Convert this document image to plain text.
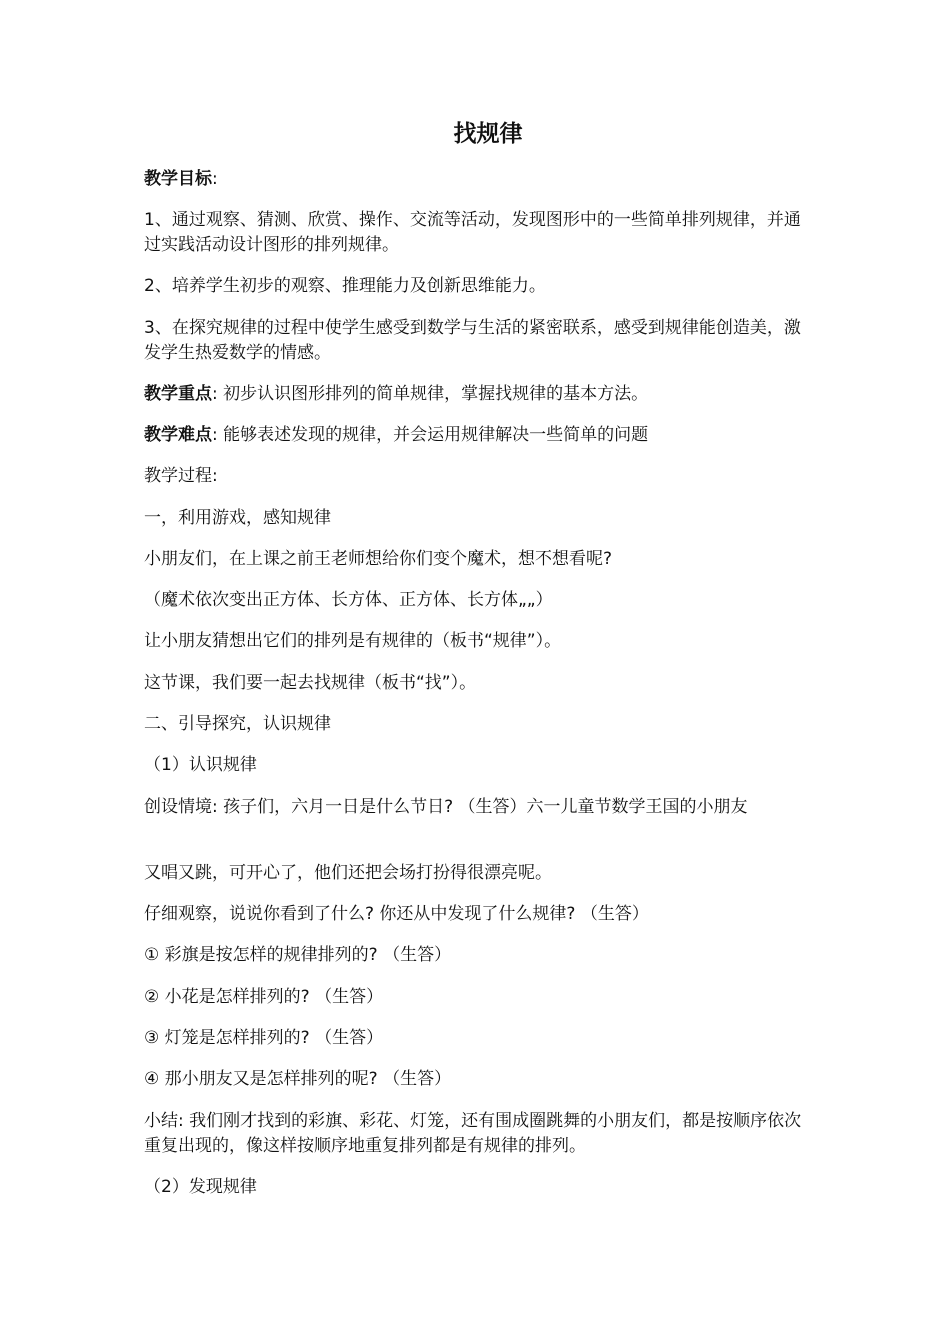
找规律

教学目标:

1、通过观察、猜测、欣赏、操作、交流等活动，发现图形中的一些简单排列规律，并通过实践活动设计图形的排列规律。

2、培养学生初步的观察、推理能力及创新思维能力。

3、在探究规律的过程中使学生感受到数学与生活的紧密联系，感受到规律能创造美，激发学生热爱数学的情感。

教学重点: 初步认识图形排列的简单规律，掌握找规律的基本方法。

教学难点: 能够表述发现的规律，并会运用规律解决一些简单的问题

教学过程:

一，利用游戏，感知规律

小朋友们，在上课之前王老师想给你们变个魔术，想不想看呢?

（魔术依次变出正方体、长方体、正方体、长方体„„）

让小朋友猜想出它们的排列是有规律的（板书“规律”）。

这节课，我们要一起去找规律（板书“找”）。

二、引导探究，认识规律

（1）认识规律

创设情境: 孩子们，六月一日是什么节日? （生答）六一儿童节数学王国的小朋友

又唱又跳，可开心了，他们还把会场打扮得很漂亮呢。

仔细观察，说说你看到了什么? 你还从中发现了什么规律? （生答）

① 彩旗是按怎样的规律排列的? （生答）

② 小花是怎样排列的? （生答）

③ 灯笼是怎样排列的? （生答）

④ 那小朋友又是怎样排列的呢? （生答）

小结: 我们刚才找到的彩旗、彩花、灯笼，还有围成圈跳舞的小朋友们，都是按顺序依次重复出现的，像这样按顺序地重复排列都是有规律的排列。

（2）发现规律
